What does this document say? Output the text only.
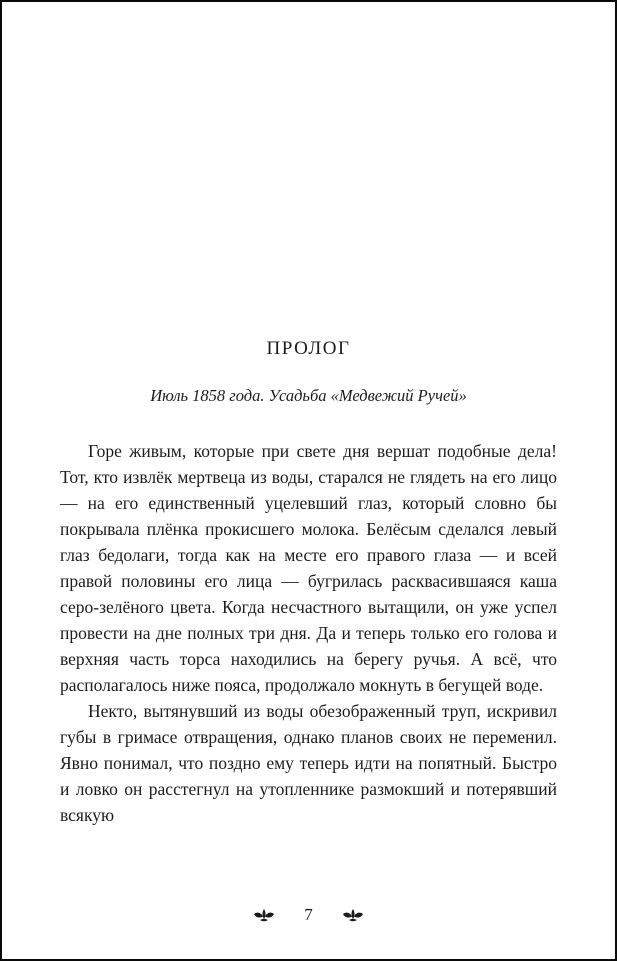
ПРОЛОГ
Июль 1858 года. Усадьба «Медвежий Ручей»

Горе живым, которые при свете дня вершат подобные дела! Тот, кто извлёк мертвеца из воды, старался не глядеть на его лицо — на его единственный уцелевший глаз, который словно бы покрывала плёнка прокисшего молока. Белёсым сделался левый глаз бедолаги, тогда как на месте его правого глаза — и всей правой половины его лица — бугрилась расквасившаяся каша серо-зелёного цвета. Когда несчастного вытащили, он уже успел провести на дне полных три дня. Да и теперь только его голова и верхняя часть торса находились на берегу ручья. А всё, что располагалось ниже пояса, продолжало мокнуть в бегущей воде.

Некто, вытянувший из воды обезображенный труп, искривил губы в гримасе отвращения, однако планов своих не переменил. Явно понимал, что поздно ему теперь идти на попятный. Быстро и ловко он расстегнул на утопленнике размокший и потерявший всякую

7
